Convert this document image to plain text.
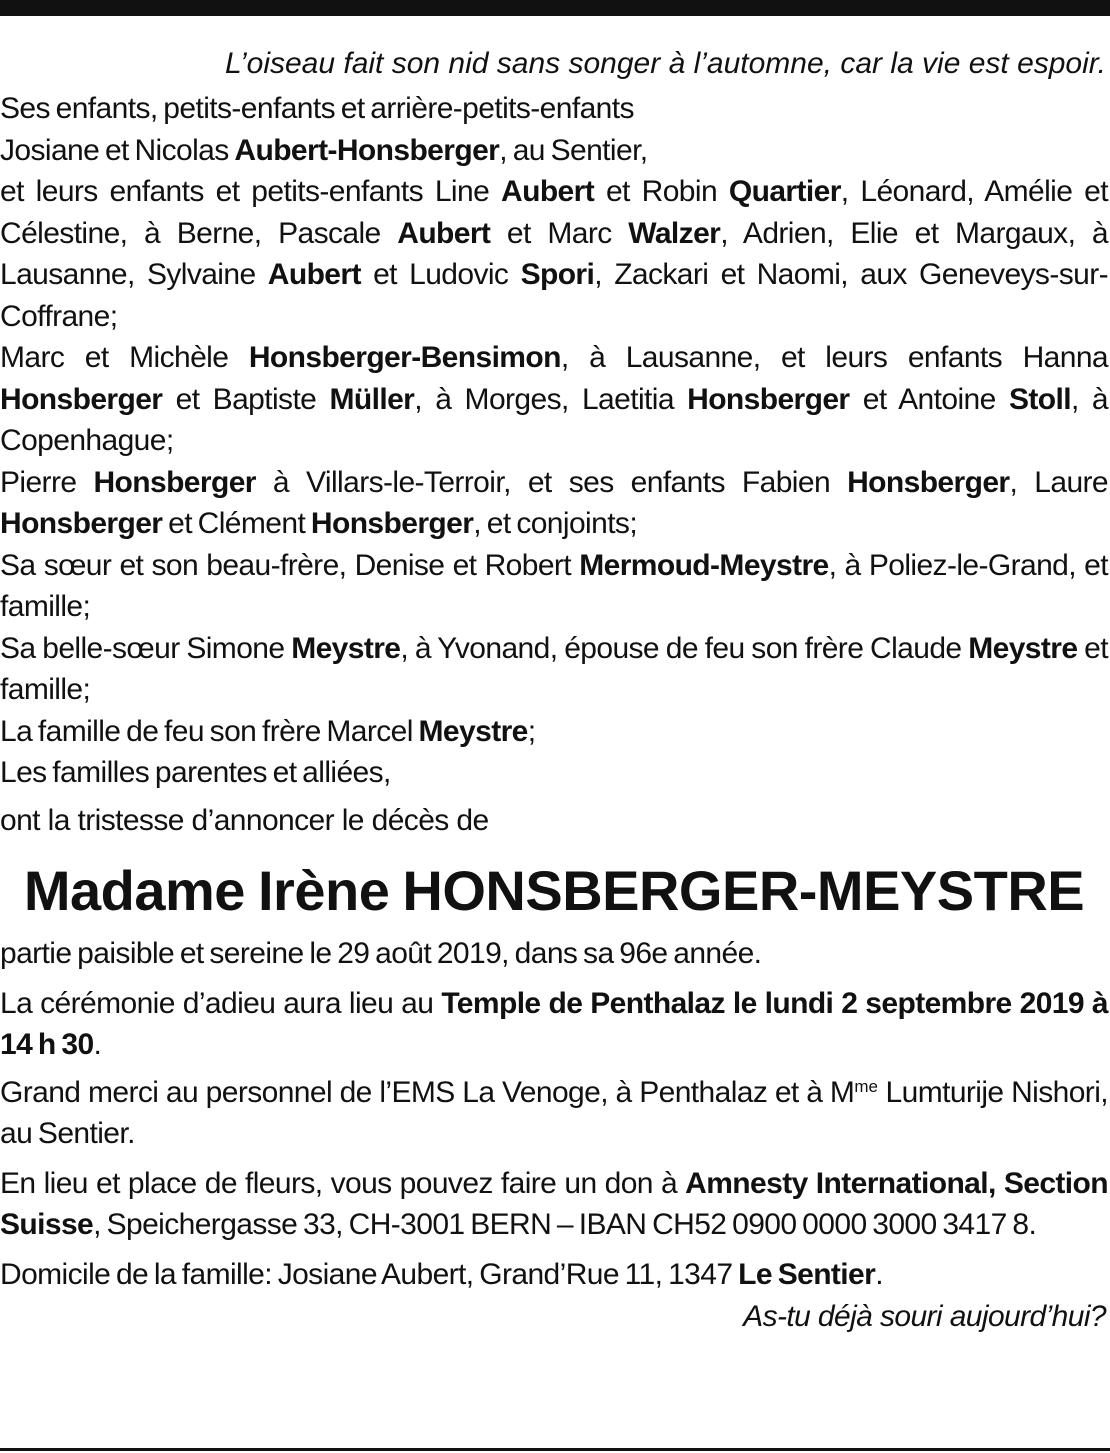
L’oiseau fait son nid sans songer à l’automne, car la vie est espoir.

Ses enfants, petits-enfants et arrière-petits-enfants

Josiane et Nicolas Aubert-Honsberger, au Sentier,

et leurs enfants et petits-enfants Line Aubert et Robin Quartier, Léonard, Amélie et Célestine, à Berne, Pascale Aubert et Marc Walzer, Adrien, Elie et Margaux, à Lausanne, Sylvaine Aubert et Ludovic Spori, Zackari et Naomi, aux Geneveys-sur-Coffrane;

Marc et Michèle Honsberger-Bensimon, à Lausanne, et leurs enfants Hanna Honsberger et Baptiste Müller, à Morges, Laetitia Honsberger et Antoine Stoll, à Copenhague;

Pierre Honsberger à Villars-le-Terroir, et ses enfants Fabien Honsberger, Laure Honsberger et Clément Honsberger, et conjoints;

Sa sœur et son beau-frère, Denise et Robert Mermoud-Meystre, à Poliez-le-Grand, et famille;

Sa belle-sœur Simone Meystre, à Yvonand, épouse de feu son frère Claude Meystre et famille;

La famille de feu son frère Marcel Meystre;

Les familles parentes et alliées,

ont la tristesse d’annoncer le décès de

Madame Irène HONSBERGER-MEYSTRE

partie paisible et sereine le 29 août 2019, dans sa 96e année.

La cérémonie d’adieu aura lieu au Temple de Penthalaz le lundi 2 septembre 2019 à 14 h 30.

Grand merci au personnel de l’EMS La Venoge, à Penthalaz et à $M^{me}$ Lumturije Nishori, au Sentier.

En lieu et place de fleurs, vous pouvez faire un don à Amnesty International, Section Suisse, Speichergasse 33, CH-3001 BERN – IBAN CH52 0900 0000 3000 3417 8.

Domicile de la famille: Josiane Aubert, Grand’Rue 11, 1347 Le Sentier.

As-tu déjà souri aujourd’hui?
